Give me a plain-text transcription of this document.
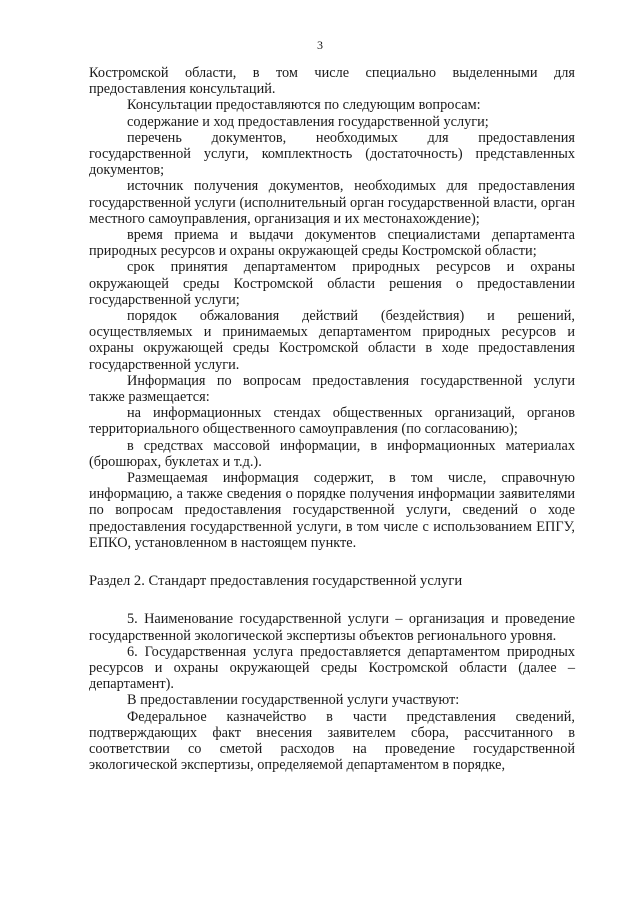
3

Костромской области, в том числе специально выделенными для предоставления консультаций.

Консультации предоставляются по следующим вопросам:

содержание и ход предоставления государственной услуги;

перечень документов, необходимых для предоставления государственной услуги, комплектность (достаточность) представленных документов;

источник получения документов, необходимых для предоставления государственной услуги (исполнительный орган государственной власти, орган местного самоуправления, организация и их местонахождение);

время приема и выдачи документов специалистами департамента природных ресурсов и охраны окружающей среды Костромской области;

срок принятия департаментом природных ресурсов и охраны окружающей среды Костромской области решения о предоставлении государственной услуги;

порядок обжалования действий (бездействия) и решений, осуществляемых и принимаемых департаментом природных ресурсов и охраны окружающей среды Костромской области в ходе предоставления государственной услуги.

Информация по вопросам предоставления государственной услуги также размещается:

на информационных стендах общественных организаций, органов территориального общественного самоуправления (по согласованию);

в средствах массовой информации, в информационных материалах (брошюрах, буклетах и т.д.).

Размещаемая информация содержит, в том числе, справочную информацию, а также сведения о порядке получения информации заявителями по вопросам предоставления государственной услуги, сведений о ходе предоставления государственной услуги, в том числе с использованием ЕПГУ, ЕПКО, установленном в настоящем пункте.

Раздел 2. Стандарт предоставления государственной услуги

5. Наименование государственной услуги – организация и проведение государственной экологической экспертизы объектов регионального уровня.

6. Государственная услуга предоставляется департаментом природных ресурсов и охраны окружающей среды Костромской области (далее – департамент).

В предоставлении государственной услуги участвуют:

Федеральное казначейство в части представления сведений, подтверждающих факт внесения заявителем сбора, рассчитанного в соответствии со сметой расходов на проведение государственной экологической экспертизы, определяемой департаментом в порядке,
